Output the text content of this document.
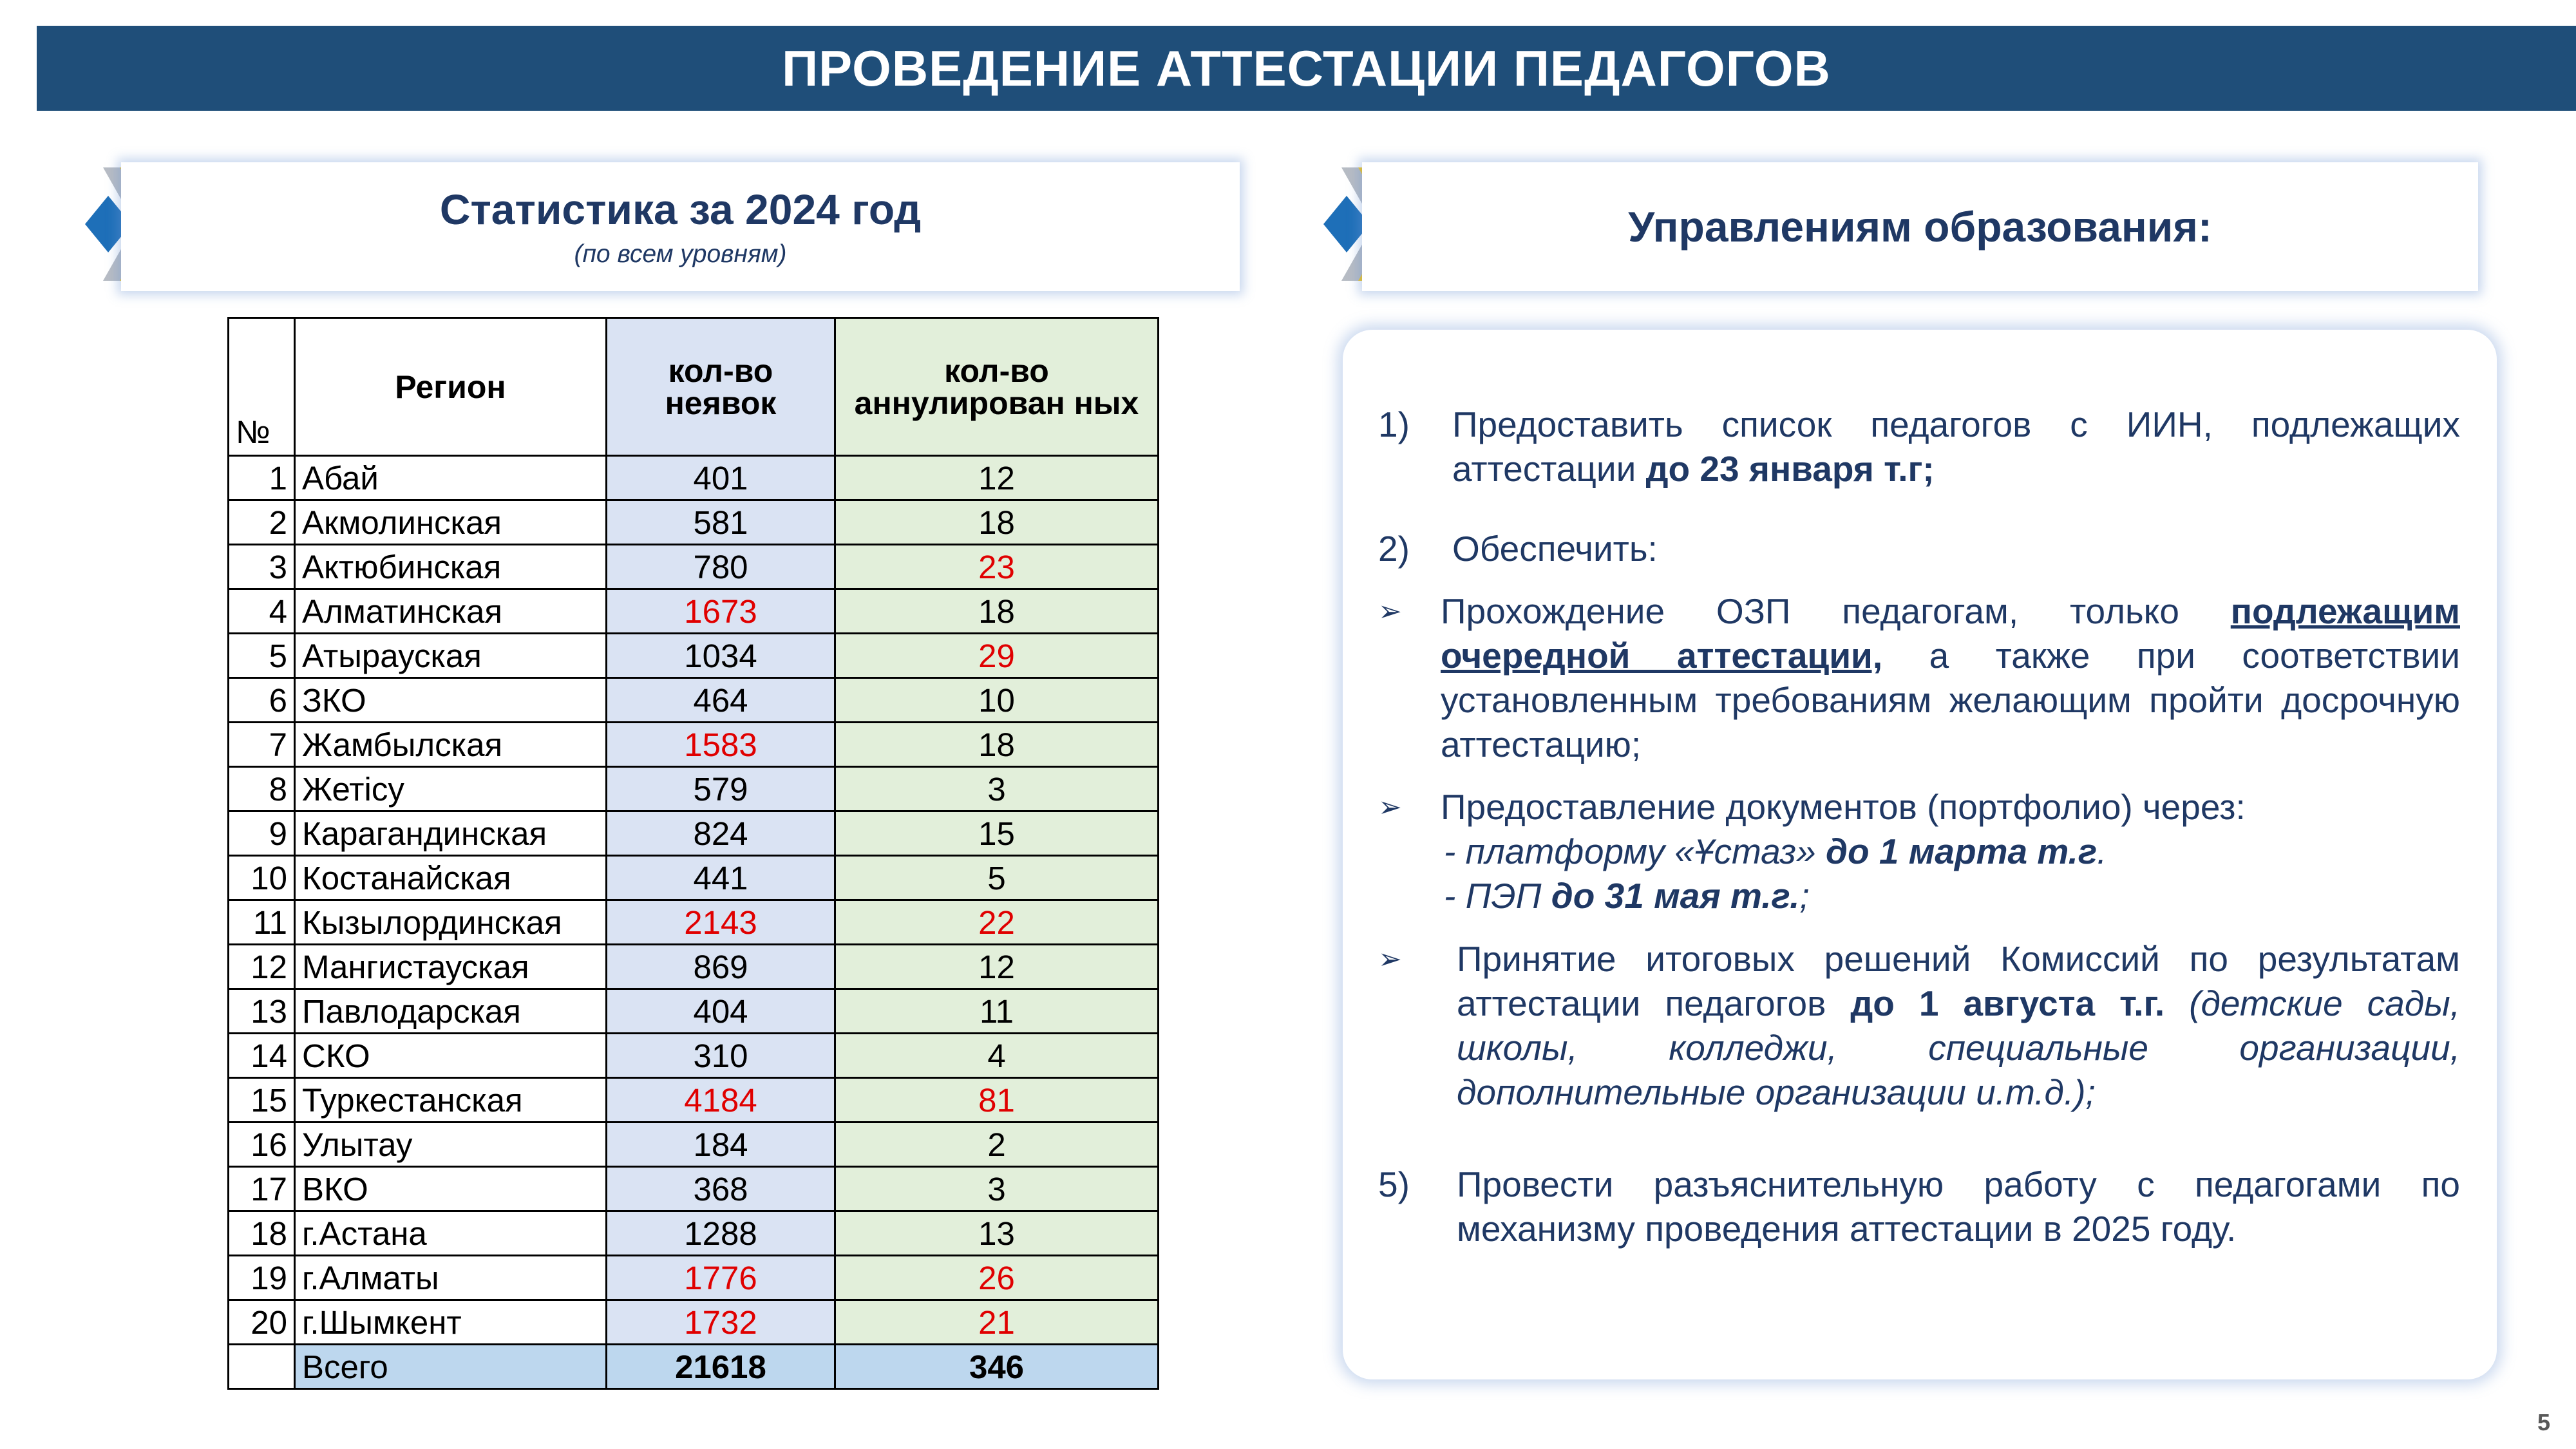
ПРОВЕДЕНИЕ АТТЕСТАЦИИ ПЕДАГОГОВ
Статистика за 2024 год
(по всем уровням)
Управлениям образования:
№	Регион	кол-во неявок	кол-во аннулирован ных
1	Абай	401	12
2	Акмолинская	581	18
3	Актюбинская	780	23
4	Алматинская	1673	18
5	Атырауская	1034	29
6	ЗКО	464	10
7	Жамбылская	1583	18
8	Жетісу	579	3
9	Карагандинская	824	15
10	Костанайская	441	5
11	Кызылординская	2143	22
12	Мангистауская	869	12
13	Павлодарская	404	11
14	СКО	310	4
15	Туркестанская	4184	81
16	Улытау	184	2
17	ВКО	368	3
18	г.Астана	1288	13
19	г.Алматы	1776	26
20	г.Шымкент	1732	21
	Всего	21618	346
1) Предоставить список педагогов с ИИН, подлежащих аттестации до 23 января т.г;
2) Обеспечить:
➢ Прохождение ОЗП педагогам, только подлежащим очередной аттестации, а также при соответствии установленным требованиям желающим пройти досрочную аттестацию;
➢ Предоставление документов (портфолио) через:
- платформу «Ұстаз» до 1 марта т.г.
- ПЭП до 31 мая т.г.;
➢ Принятие итоговых решений Комиссий по результатам аттестации педагогов до 1 августа т.г. (детские сады, школы, колледжи, специальные организации, дополнительные организации и.т.д.);
5) Провести разъяснительную работу с педагогами по механизму проведения аттестации в 2025 году.
5
